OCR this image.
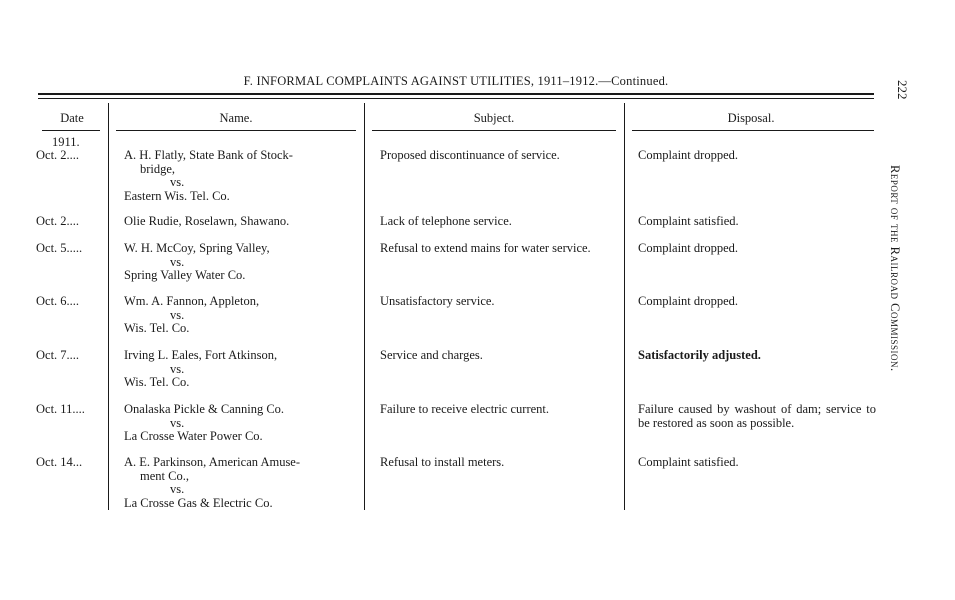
F. INFORMAL COMPLAINTS AGAINST UTILITIES, 1911–1912.—Continued.
Date	Name.	Subject.	Disposal.
1911.
Oct. 2....	A. H. Flatly, State Bank of Stock-
bridge,
vs.
Eastern Wis. Tel. Co.
Proposed discontinuance of service.	Complaint dropped.
Oct. 2....	Olie Rudie, Roselawn, Shawano.	Lack of telephone service.	Complaint satisfied.
Oct. 5.....	W. H. McCoy, Spring Valley,
vs.
Spring Valley Water Co.
Refusal to extend mains for water service.	Complaint dropped.
Oct. 6....	Wm. A. Fannon, Appleton,
vs.
Wis. Tel. Co.
Unsatisfactory service.	Complaint dropped.
Oct. 7....	Irving L. Eales, Fort Atkinson,
vs.
Wis. Tel. Co.
Service and charges.	Satisfactorily adjusted.
Oct. 11....	Onalaska Pickle & Canning Co.
vs.
La Crosse Water Power Co.
Failure to receive electric current.	Failure caused by washout of dam; service to be restored as soon as possible.
Oct. 14...	A. E. Parkinson, American Amuse-
ment Co.,
vs.
La Crosse Gas & Electric Co.
Refusal to install meters.	Complaint satisfied.
222
Report of the Railroad Commission.
